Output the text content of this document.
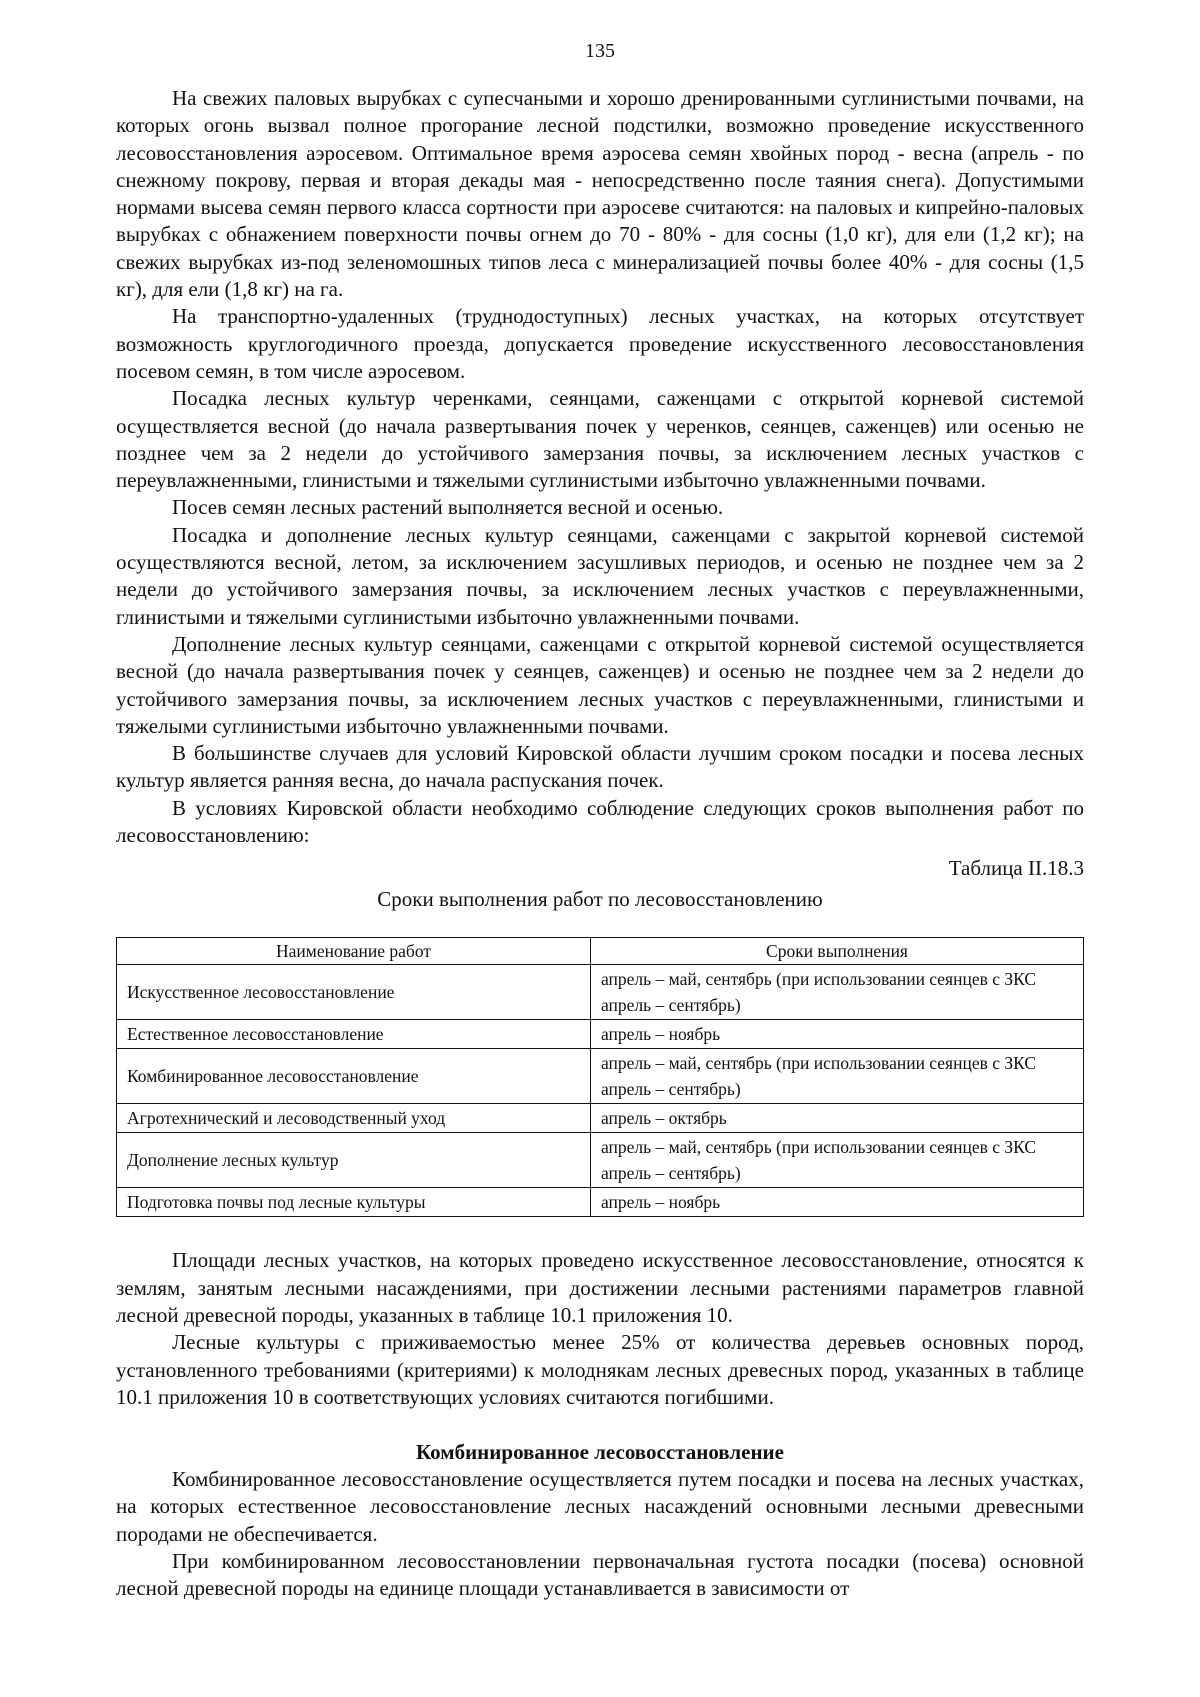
135

На свежих паловых вырубках с супесчаными и хорошо дренированными суглинистыми почвами, на которых огонь вызвал полное прогорание лесной подстилки, возможно проведение искусственного лесовосстановления аэросевом. Оптимальное время аэросева семян хвойных пород - весна (апрель - по снежному покрову, первая и вторая декады мая - непосредственно после таяния снега). Допустимыми нормами высева семян первого класса сортности при аэросеве считаются: на паловых и кипрейно-паловых вырубках с обнажением поверхности почвы огнем до 70 - 80% - для сосны (1,0 кг), для ели (1,2 кг); на свежих вырубках из-под зеленомошных типов леса с минерализацией почвы более 40% - для сосны (1,5 кг), для ели (1,8 кг) на га.

На транспортно-удаленных (труднодоступных) лесных участках, на которых отсутствует возможность круглогодичного проезда, допускается проведение искусственного лесовосстановления посевом семян, в том числе аэросевом.

Посадка лесных культур черенками, сеянцами, саженцами с открытой корневой системой осуществляется весной (до начала развертывания почек у черенков, сеянцев, саженцев) или осенью не позднее чем за 2 недели до устойчивого замерзания почвы, за исключением лесных участков с переувлажненными, глинистыми и тяжелыми суглинистыми избыточно увлажненными почвами.

Посев семян лесных растений выполняется весной и осенью.

Посадка и дополнение лесных культур сеянцами, саженцами с закрытой корневой системой осуществляются весной, летом, за исключением засушливых периодов, и осенью не позднее чем за 2 недели до устойчивого замерзания почвы, за исключением лесных участков с переувлажненными, глинистыми и тяжелыми суглинистыми избыточно увлажненными почвами.

Дополнение лесных культур сеянцами, саженцами с открытой корневой системой осуществляется весной (до начала развертывания почек у сеянцев, саженцев) и осенью не позднее чем за 2 недели до устойчивого замерзания почвы, за исключением лесных участков с переувлажненными, глинистыми и тяжелыми суглинистыми избыточно увлажненными почвами.

В большинстве случаев для условий Кировской области лучшим сроком посадки и посева лесных культур является ранняя весна, до начала распускания почек.

В условиях Кировской области необходимо соблюдение следующих сроков выполнения работ по лесовосстановлению:

Таблица II.18.3
Сроки выполнения работ по лесовосстановлению
Наименование работ	Сроки выполнения
Искусственное лесовосстановление	апрель – май, сентябрь (при использовании сеянцев с ЗКС апрель – сентябрь)
Естественное лесовосстановление	апрель – ноябрь
Комбинированное лесовосстановление	апрель – май, сентябрь (при использовании сеянцев с ЗКС апрель – сентябрь)
Агротехнический и лесоводственный уход	апрель – октябрь
Дополнение лесных культур	апрель – май, сентябрь (при использовании сеянцев с ЗКС апрель – сентябрь)
Подготовка почвы под лесные культуры	апрель – ноябрь

Площади лесных участков, на которых проведено искусственное лесовосстановление, относятся к землям, занятым лесными насаждениями, при достижении лесными растениями параметров главной лесной древесной породы, указанных в таблице 10.1 приложения 10.

Лесные культуры с приживаемостью менее 25% от количества деревьев основных пород, установленного требованиями (критериями) к молоднякам лесных древесных пород, указанных в таблице 10.1 приложения 10 в соответствующих условиях считаются погибшими.

Комбинированное лесовосстановление

Комбинированное лесовосстановление осуществляется путем посадки и посева на лесных участках, на которых естественное лесовосстановление лесных насаждений основными лесными древесными породами не обеспечивается.

При комбинированном лесовосстановлении первоначальная густота посадки (посева) основной лесной древесной породы на единице площади устанавливается в зависимости от
